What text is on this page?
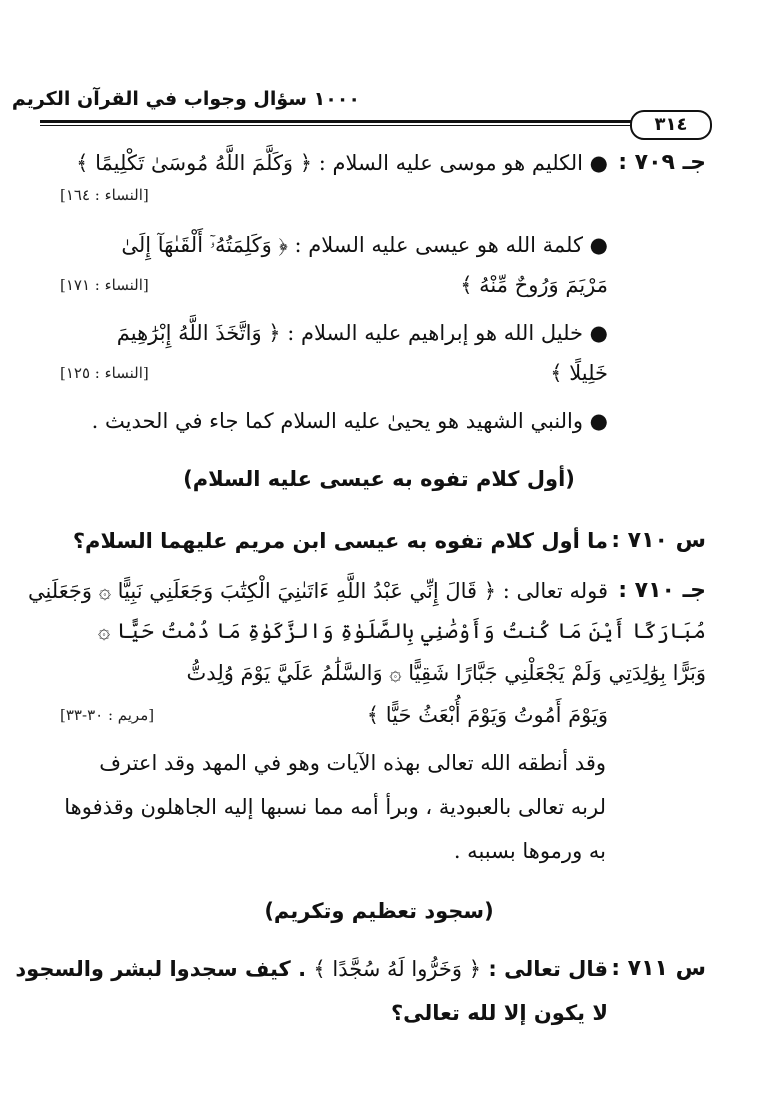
١٠٠٠ سؤال وجواب في القرآن الكريم
٣١٤
جـ ٧٠٩ :
● الكليم هو موسى عليه السلام : ﴿ وَكَلَّمَ اللَّهُ مُوسَىٰ تَكْلِيمًا ﴾
[النساء : ١٦٤]
● كلمة الله هو عيسى عليه السلام : ﴿ وَكَلِمَتُهُۥٓ أَلْقَىٰهَآ إِلَىٰ
مَرْيَمَ وَرُوحٌ مِّنْهُ ﴾
[النساء : ١٧١]
● خليل الله هو إبراهيم عليه السلام : ﴿ وَاتَّخَذَ اللَّهُ إِبْرَٰهِيمَ
خَلِيلًا ﴾
[النساء : ١٢٥]
● والنبي الشهيد هو يحيىٰ عليه السلام كما جاء في الحديث .
(أول كلام تفوه به عيسى عليه السلام)
س ٧١٠ :
ما أول كلام تفوه به عيسى ابن مريم عليهما السلام؟
جـ ٧١٠ :
قوله تعالى : ﴿ قَالَ إِنِّي عَبْدُ اللَّهِ ءَاتَىٰنِيَ الْكِتَٰبَ وَجَعَلَنِي نَبِيًّا ۞ وَجَعَلَنِي
مُبَارَكًا أَيْنَ مَا كُنتُ وَأَوْصَٰنِي بِالصَّلَوٰةِ وَالزَّكَوٰةِ مَا دُمْتُ حَيًّا ۞
وَبَرًّا بِوَٰلِدَتِي وَلَمْ يَجْعَلْنِي جَبَّارًا شَقِيًّا ۞ وَالسَّلَٰمُ عَلَيَّ يَوْمَ وُلِدتُّ
وَيَوْمَ أَمُوتُ وَيَوْمَ أُبْعَثُ حَيًّا ﴾
[مريم : ٣٠-٣٣]
وقد أنطقه الله تعالى بهذه الآيات وهو في المهد وقد اعترف
لربه تعالى بالعبودية ، وبرأ أمه مما نسبها إليه الجاهلون وقذفوها
به ورموها بسببه .
(سجود تعظيم وتكريم)
س ٧١١ :
قال تعالى : ﴿ وَخَرُّوا لَهُ سُجَّدًا ﴾ . كيف سجدوا لبشر والسجود
لا يكون إلا لله تعالى؟
